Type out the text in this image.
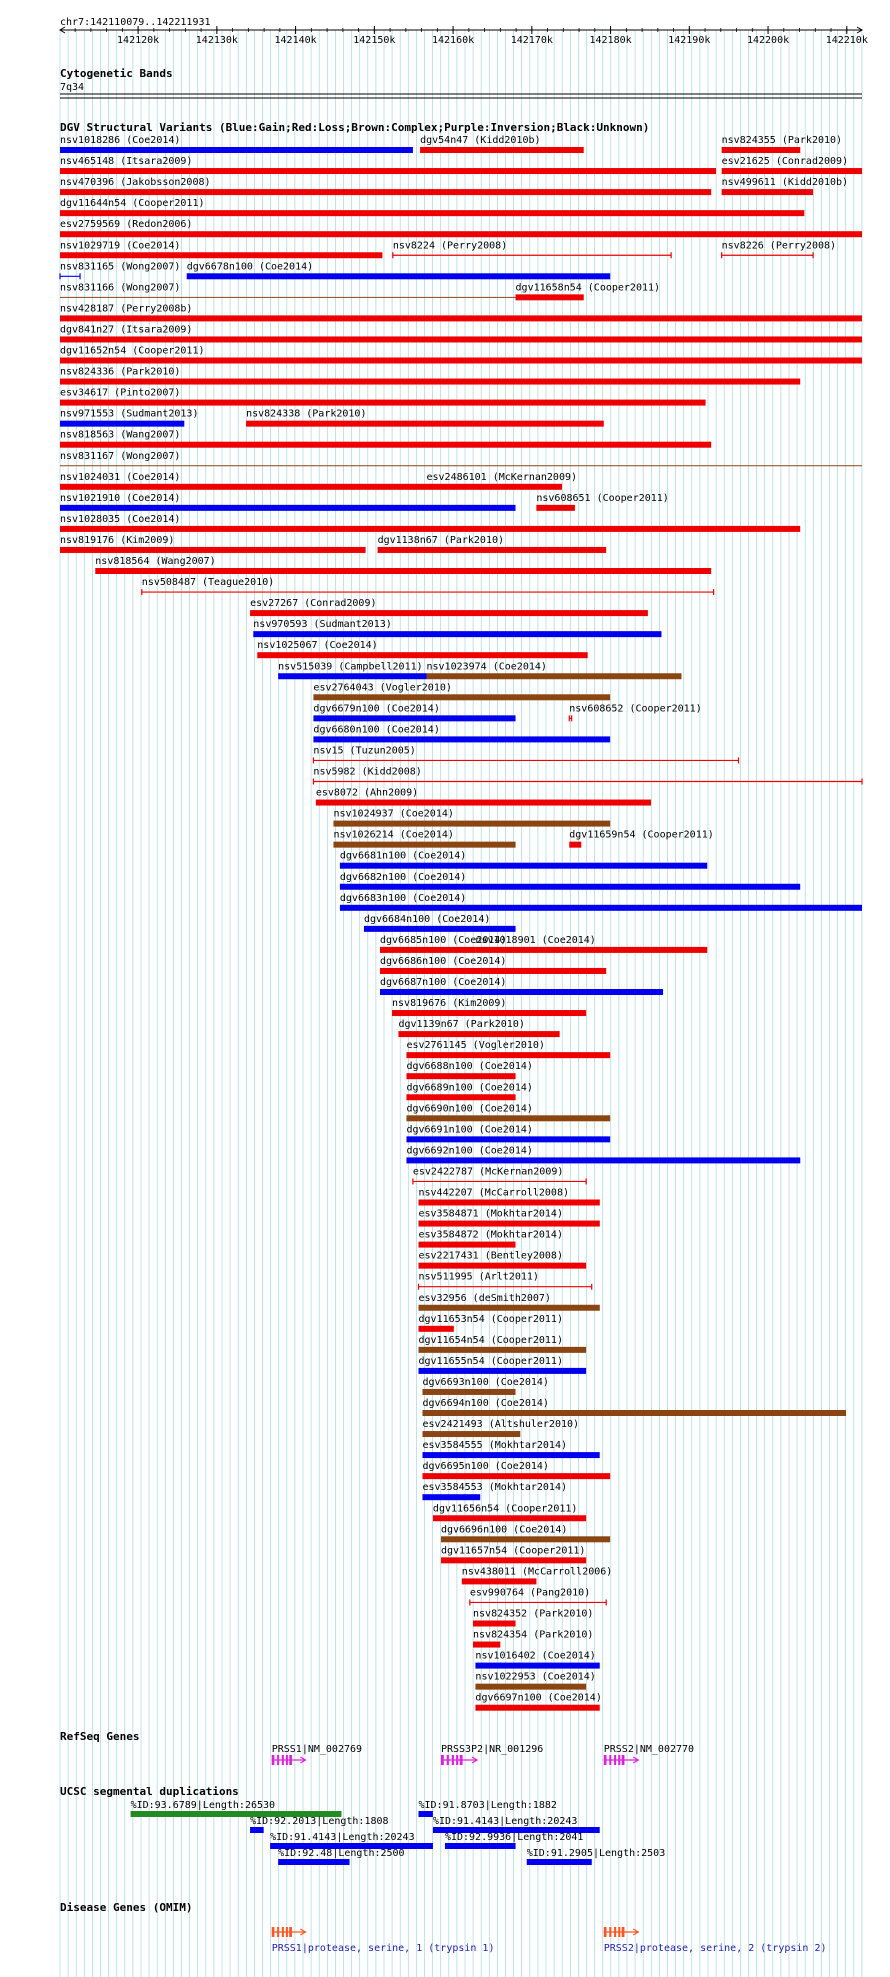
chr7:142110079..142211931
142120k	142130k	142140k	142150k	142160k	142170k	142180k	142190k	142200k	142210k
Cytogenetic Bands
7q34
DGV Structural Variants (Blue:Gain;Red:Loss;Brown:Complex;Purple:Inversion;Black:Unknown)
nsv1018286 (Coe2014)	dgv54n47 (Kidd2010b)	nsv824355 (Park2010)
nsv465148 (Itsara2009)	esv21625 (Conrad2009)
nsv470396 (Jakobsson2008)	nsv499611 (Kidd2010b)
dgv11644n54 (Cooper2011)
esv2759569 (Redon2006)
nsv1029719 (Coe2014)	nsv8224 (Perry2008)	nsv8226 (Perry2008)
nsv831165 (Wong2007) dgv6678n100 (Coe2014)
nsv831166 (Wong2007)	dgv11658n54 (Cooper2011)
nsv428187 (Perry2008b)
dgv841n27 (Itsara2009)
dgv11652n54 (Cooper2011)
nsv824336 (Park2010)
esv34617 (Pinto2007)
nsv971553 (Sudmant2013)	nsv824338 (Park2010)
nsv818563 (Wang2007)
nsv831167 (Wong2007)
nsv1024031 (Coe2014)	esv2486101 (McKernan2009)
nsv1021910 (Coe2014)	nsv608651 (Cooper2011)
nsv1028035 (Coe2014)
nsv819176 (Kim2009)	dgv1138n67 (Park2010)
nsv818564 (Wang2007)
nsv508487 (Teague2010)
esv27267 (Conrad2009)
nsv970593 (Sudmant2013)
nsv1025067 (Coe2014)
nsv515039 (Campbell2011) nsv1023974 (Coe2014)
esv2764043 (Vogler2010)
dgv6679n100 (Coe2014)	nsv608652 (Cooper2011)
dgv6680n100 (Coe2014)
nsv15 (Tuzun2005)
nsv5982 (Kidd2008)
esv8072 (Ahn2009)
nsv1024937 (Coe2014)
nsv1026214 (Coe2014)	dgv11659n54 (Cooper2011)
dgv6681n100 (Coe2014)
dgv6682n100 (Coe2014)
dgv6683n100 (Coe2014)
dgv6684n100 (Coe2014)
dgv6685n100 (Coe2014)
nsv1018901 (Coe2014)
dgv6686n100 (Coe2014)
dgv6687n100 (Coe2014)
nsv819676 (Kim2009)
dgv1139n67 (Park2010)
esv2761145 (Vogler2010)
dgv6688n100 (Coe2014)
dgv6689n100 (Coe2014)
dgv6690n100 (Coe2014)
dgv6691n100 (Coe2014)
dgv6692n100 (Coe2014)
esv2422787 (McKernan2009)
nsv442207 (McCarroll2008)
esv3584871 (Mokhtar2014)
esv3584872 (Mokhtar2014)
esv2217431 (Bentley2008)
nsv511995 (Arlt2011)
esv32956 (deSmith2007)
dgv11653n54 (Cooper2011)
dgv11654n54 (Cooper2011)
dgv11655n54 (Cooper2011)
dgv6693n100 (Coe2014)
dgv6694n100 (Coe2014)
esv2421493 (Altshuler2010)
esv3584555 (Mokhtar2014)
dgv6695n100 (Coe2014)
esv3584553 (Mokhtar2014)
dgv11656n54 (Cooper2011)
dgv6696n100 (Coe2014)
dgv11657n54 (Cooper2011)
nsv438011 (McCarroll2006)
esv990764 (Pang2010)
nsv824352 (Park2010)
nsv824354 (Park2010)
nsv1016402 (Coe2014)
nsv1022953 (Coe2014)
dgv6697n100 (Coe2014)
RefSeq Genes
PRSS1|NM_002769	PRSS3P2|NR_001296	PRSS2|NM_002770
UCSC segmental duplications
%ID:93.6789|Length:26530	%ID:91.8703|Length:1882
%ID:92.2013|Length:1808	%ID:91.4143|Length:20243
%ID:91.4143|Length:20243	%ID:92.9936|Length:2041
%ID:92.48|Length:2500	%ID:91.2905|Length:2503
Disease Genes (OMIM)
PRSS1|protease, serine, 1 (trypsin 1)	PRSS2|protease, serine, 2 (trypsin 2)
